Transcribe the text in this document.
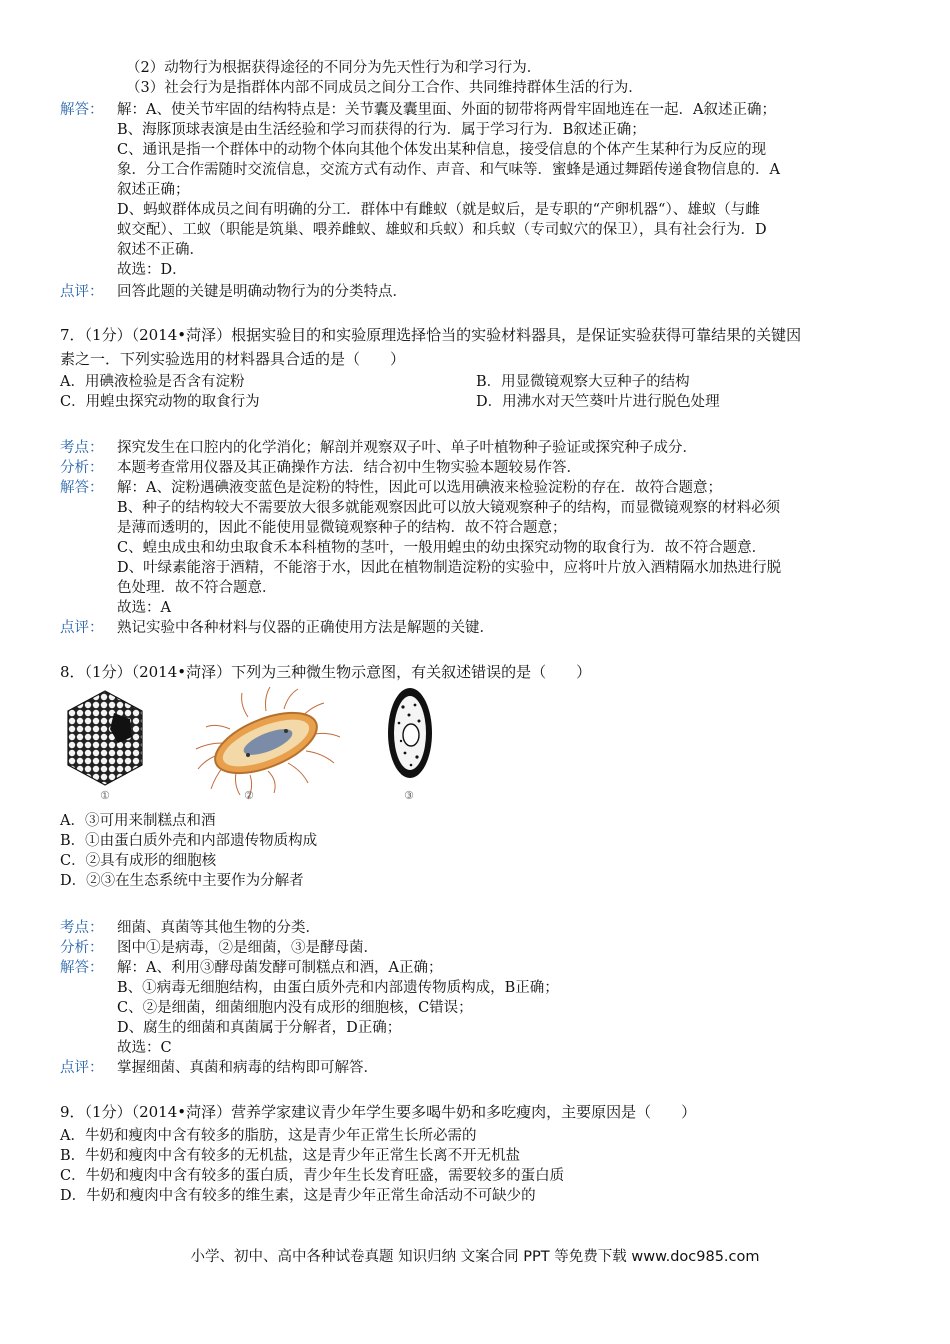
（2）动物行为根据获得途径的不同分为先天性行为和学习行为．
（3）社会行为是指群体内部不同成员之间分工合作、共同维持群体生活的行为．
解答： 解：A、使关节牢固的结构特点是：关节囊及囊里面、外面的韧带将两骨牢固地连在一起．A叙述正确；
B、海豚顶球表演是由生活经验和学习而获得的行为．属于学习行为．B叙述正确；
C、通讯是指一个群体中的动物个体向其他个体发出某种信息，接受信息的个体产生某种行为反应的现
象．分工合作需随时交流信息，交流方式有动作、声音、和气味等．蜜蜂是通过舞蹈传递食物信息的．A
叙述正确；
D、蚂蚁群体成员之间有明确的分工．群体中有雌蚁（就是蚁后，是专职的“产卵机器“）、雄蚁（与雌
蚁交配）、工蚁（职能是筑巢、喂养雌蚁、雄蚁和兵蚁）和兵蚁（专司蚁穴的保卫），具有社会行为．D
叙述不正确．
故选：D．
点评： 回答此题的关键是明确动物行为的分类特点．
7．（1分）（2014•菏泽）根据实验目的和实验原理选择恰当的实验材料器具，是保证实验获得可靠结果的关键因
素之一．下列实验选用的材料器具合适的是（　　）
A．用碘液检验是否含有淀粉	B．用显微镜观察大豆种子的结构
C．用蝗虫探究动物的取食行为	D．用沸水对天竺葵叶片进行脱色处理
考点： 探究发生在口腔内的化学消化；解剖并观察双子叶、单子叶植物种子验证或探究种子成分．
分析： 本题考查常用仪器及其正确操作方法．结合初中生物实验本题较易作答．
解答： 解：A、淀粉遇碘液变蓝色是淀粉的特性，因此可以选用碘液来检验淀粉的存在．故符合题意；
B、种子的结构较大不需要放大很多就能观察因此可以放大镜观察种子的结构，而显微镜观察的材料必须
是薄而透明的，因此不能使用显微镜观察种子的结构．故不符合题意；
C、蝗虫成虫和幼虫取食禾本科植物的茎叶，一般用蝗虫的幼虫探究动物的取食行为．故不符合题意．
D、叶绿素能溶于酒精，不能溶于水，因此在植物制造淀粉的实验中，应将叶片放入酒精隔水加热进行脱
色处理．故不符合题意．
故选：A
点评： 熟记实验中各种材料与仪器的正确使用方法是解题的关键．
8．（1分）（2014•菏泽）下列为三种微生物示意图，有关叙述错误的是（　　）
①	②	③
A．③可用来制糕点和酒
B．①由蛋白质外壳和内部遗传物质构成
C．②具有成形的细胞核
D．②③在生态系统中主要作为分解者
考点： 细菌、真菌等其他生物的分类．
分析： 图中①是病毒，②是细菌，③是酵母菌．
解答： 解：A、利用③酵母菌发酵可制糕点和酒，A正确；
B、①病毒无细胞结构，由蛋白质外壳和内部遗传物质构成，B正确；
C、②是细菌，细菌细胞内没有成形的细胞核，C错误；
D、腐生的细菌和真菌属于分解者，D正确；
故选：C
点评： 掌握细菌、真菌和病毒的结构即可解答．
9．（1分）（2014•菏泽）营养学家建议青少年学生要多喝牛奶和多吃瘦肉，主要原因是（　　）
A．牛奶和瘦肉中含有较多的脂肪，这是青少年正常生长所必需的
B．牛奶和瘦肉中含有较多的无机盐，这是青少年正常生长离不开无机盐
C．牛奶和瘦肉中含有较多的蛋白质，青少年生长发育旺盛，需要较多的蛋白质
D．牛奶和瘦肉中含有较多的维生素，这是青少年正常生命活动不可缺少的
小学、初中、高中各种试卷真题 知识归纳 文案合同 PPT 等免费下载 www.doc985.com
